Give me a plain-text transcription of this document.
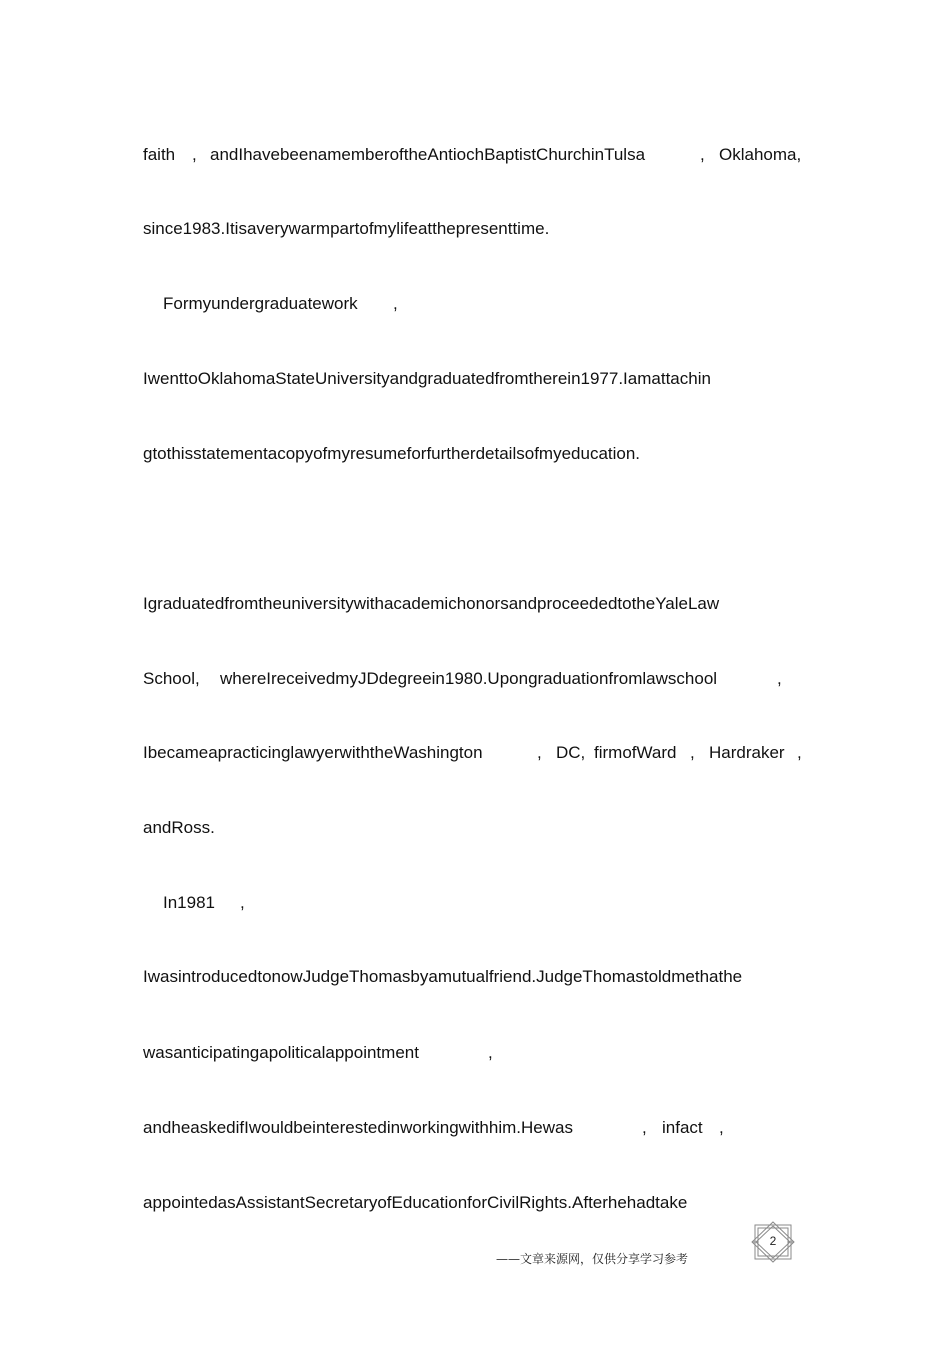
faith , andIhavebeenamemberoftheAntiochBaptistChurchinTulsa	, Oklahoma,
since1983.Itisaverywarmpartofmylifeatthepresenttime.
Formyundergraduatework ,
IwenttoOklahomaStateUniversityandgraduatedfromtherein1977.Iamattachin
gtothisstatementacopyofmyresumeforfurtherdetailsofmyeducation.
IgraduatedfromtheuniversitywithacademichonorsandproceededtotheYaleLaw
School, whereIreceivedmyJDdegreein1980.Upongraduationfromlawschool	,
IbecameapracticinglawyerwiththeWashington	, DC, firmofWard , Hardraker ,
andRoss.
In1981 ,
IwasintroducedtonowJudgeThomasbyamutualfriend.JudgeThomastoldmethathe
wasanticipatingapoliticalappointment	,
andheaskedifIwouldbeinterestedinworkingwithhim.Hewas	, infact ,
appointedasAssistantSecretaryofEducationforCivilRights.Afterhehadtake
——文章来源网，仅供分享学习参考
2
